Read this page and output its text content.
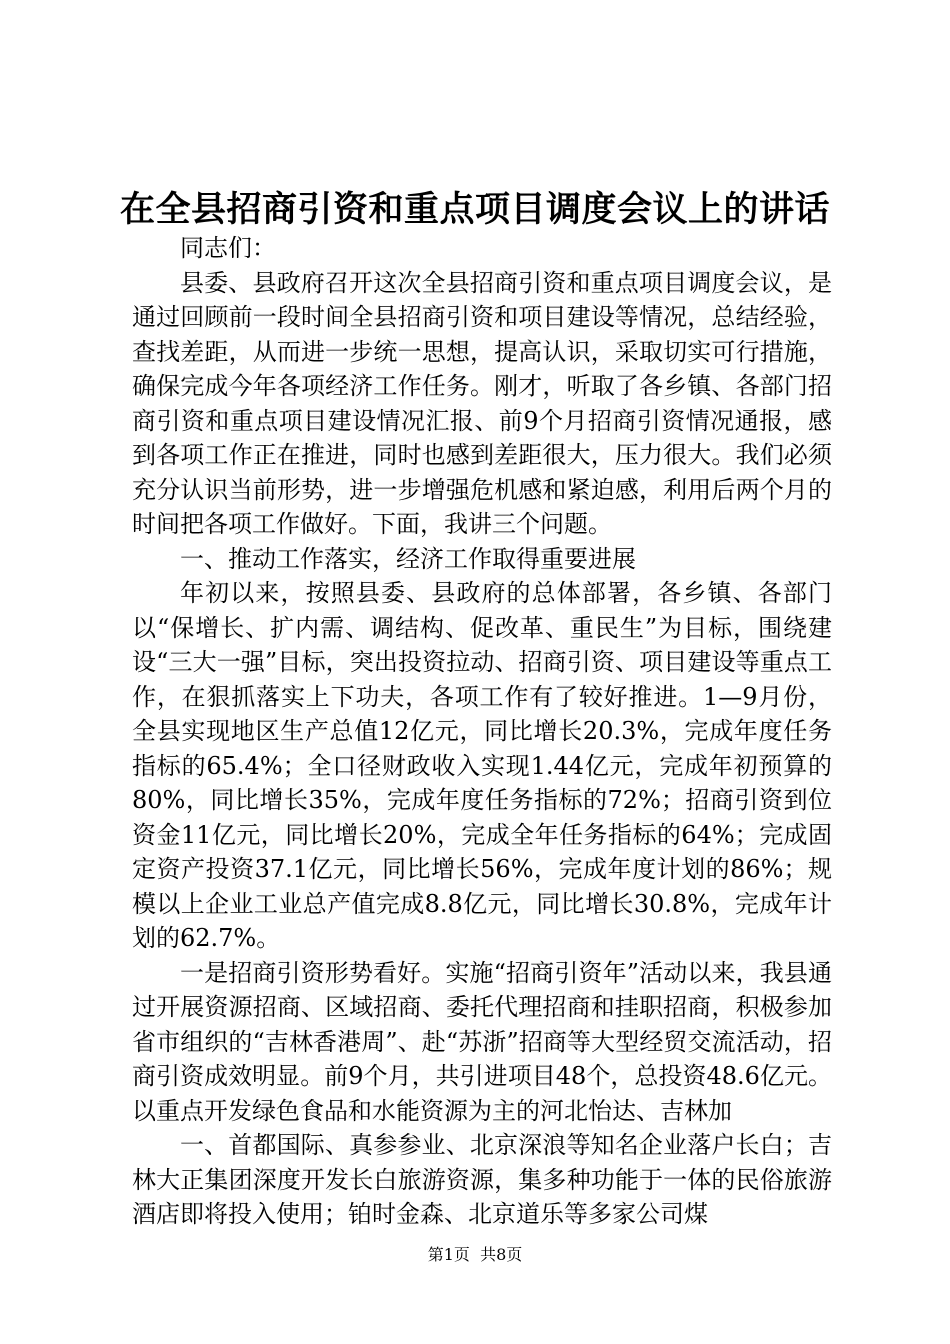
在全县招商引资和重点项目调度会议上的讲话

同志们：

县委、县政府召开这次全县招商引资和重点项目调度会议，是通过回顾前一段时间全县招商引资和项目建设等情况，总结经验，查找差距，从而进一步统一思想，提高认识，采取切实可行措施，确保完成今年各项经济工作任务。刚才，听取了各乡镇、各部门招商引资和重点项目建设情况汇报、前9个月招商引资情况通报，感到各项工作正在推进，同时也感到差距很大，压力很大。我们必须充分认识当前形势，进一步增强危机感和紧迫感，利用后两个月的时间把各项工作做好。下面，我讲三个问题。

一、推动工作落实，经济工作取得重要进展

年初以来，按照县委、县政府的总体部署，各乡镇、各部门以“保增长、扩内需、调结构、促改革、重民生”为目标，围绕建设“三大一强”目标，突出投资拉动、招商引资、项目建设等重点工作，在狠抓落实上下功夫，各项工作有了较好推进。1—9月份，全县实现地区生产总值12亿元，同比增长20.3%，完成年度任务指标的65.4%；全口径财政收入实现1.44亿元，完成年初预算的80%，同比增长35%，完成年度任务指标的72%；招商引资到位资金11亿元，同比增长20%，完成全年任务指标的64%；完成固定资产投资37.1亿元，同比增长56%，完成年度计划的86%；规模以上企业工业总产值完成8.8亿元，同比增长30.8%，完成年计划的62.7%。

一是招商引资形势看好。实施“招商引资年”活动以来，我县通过开展资源招商、区域招商、委托代理招商和挂职招商，积极参加省市组织的“吉林香港周”、赴“苏浙”招商等大型经贸交流活动，招商引资成效明显。前9个月，共引进项目48个，总投资48.6亿元。以重点开发绿色食品和水能资源为主的河北怡达、吉林加

一、首都国际、真参参业、北京深浪等知名企业落户长白；吉林大正集团深度开发长白旅游资源，集多种功能于一体的民俗旅游酒店即将投入使用；铂时金森、北京道乐等多家公司煤

第1页 共8页
